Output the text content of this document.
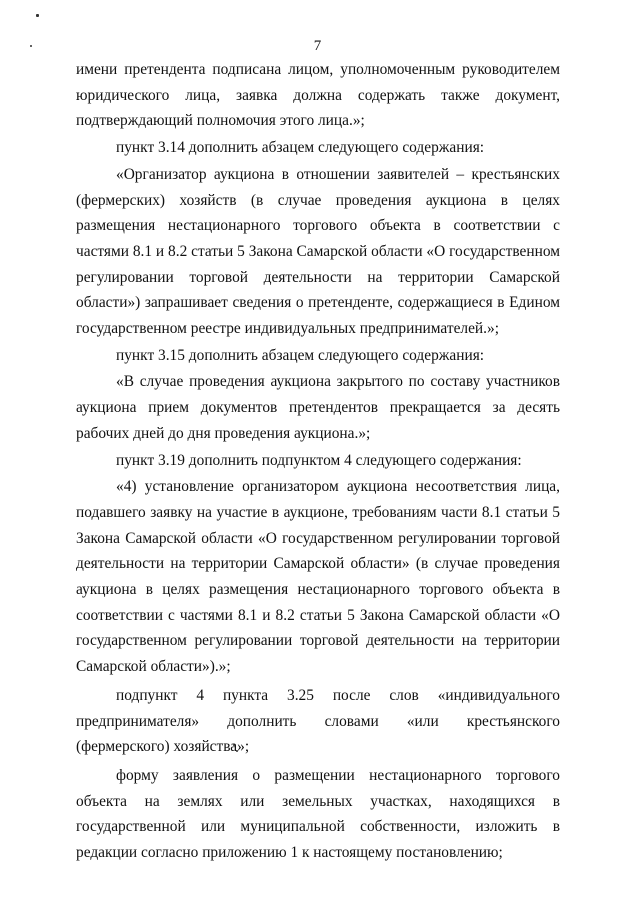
7

имени претендента подписана лицом, уполномоченным руководителем юридического лица, заявка должна содержать также документ, подтверждающий полномочия этого лица.»;

пункт 3.14 дополнить абзацем следующего содержания:

«Организатор аукциона в отношении заявителей – крестьянских (фермерских) хозяйств (в случае проведения аукциона в целях размещения нестационарного торгового объекта в соответствии с частями 8.1 и 8.2 статьи 5 Закона Самарской области «О государственном регулировании торговой деятельности на территории Самарской области») запрашивает сведения о претенденте, содержащиеся в Едином государственном реестре индивидуальных предпринимателей.»;

пункт 3.15 дополнить абзацем следующего содержания:

«В случае проведения аукциона закрытого по составу участников аукциона прием документов претендентов прекращается за десять рабочих дней до дня проведения аукциона.»;

пункт 3.19 дополнить подпунктом 4 следующего содержания:

«4) установление организатором аукциона несоответствия лица, подавшего заявку на участие в аукционе, требованиям части 8.1 статьи 5 Закона Самарской области «О государственном регулировании торговой деятельности на территории Самарской области» (в случае проведения аукциона в целях размещения нестационарного торгового объекта в соответствии с частями 8.1 и 8.2 статьи 5 Закона Самарской области «О государственном регулировании торговой деятельности на территории Самарской области»).»;

подпункт 4 пункта 3.25 после слов «индивидуального предпринимателя» дополнить словами «или крестьянского (фермерского) хозяйства»;

форму заявления о размещении нестационарного торгового объекта на землях или земельных участках, находящихся в государственной или муниципальной собственности, изложить в редакции согласно приложению 1 к настоящему постановлению;
